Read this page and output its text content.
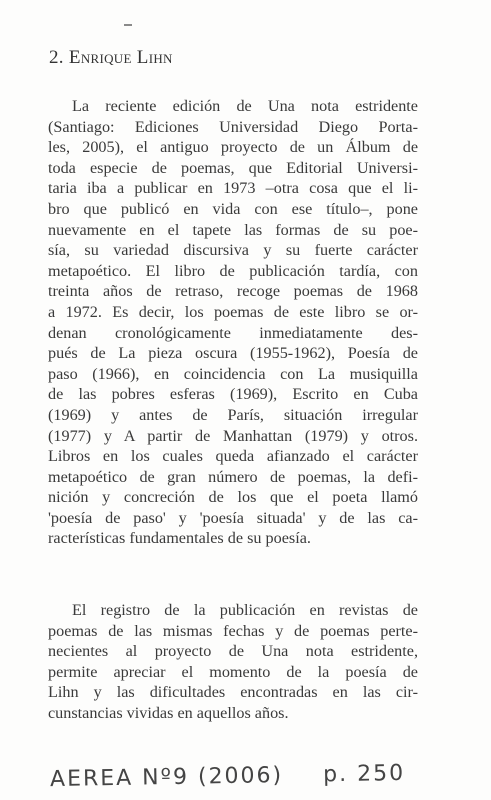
2. Enrique Lihn
La reciente edición de Una nota estridente
(Santiago: Ediciones Universidad Diego Porta-
les, 2005), el antiguo proyecto de un Álbum de
toda especie de poemas, que Editorial Universi-
taria iba a publicar en 1973 –otra cosa que el li-
bro que publicó en vida con ese título–, pone
nuevamente en el tapete las formas de su poe-
sía, su variedad discursiva y su fuerte carácter
metapoético. El libro de publicación tardía, con
treinta años de retraso, recoge poemas de 1968
a 1972. Es decir, los poemas de este libro se or-
denan cronológicamente inmediatamente des-
pués de La pieza oscura (1955-1962), Poesía de
paso (1966), en coincidencia con La musiquilla
de las pobres esferas (1969), Escrito en Cuba
(1969) y antes de París, situación irregular
(1977) y A partir de Manhattan (1979) y otros.
Libros en los cuales queda afianzado el carácter
metapoético de gran número de poemas, la defi-
nición y concreción de los que el poeta llamó
'poesía de paso' y 'poesía situada' y de las ca-
racterísticas fundamentales de su poesía.
El registro de la publicación en revistas de
poemas de las mismas fechas y de poemas perte-
necientes al proyecto de Una nota estridente,
permite apreciar el momento de la poesía de
Lihn y las dificultades encontradas en las cir-
cunstancias vividas en aquellos años.
AEREA Nº9 (2006) p. 250
